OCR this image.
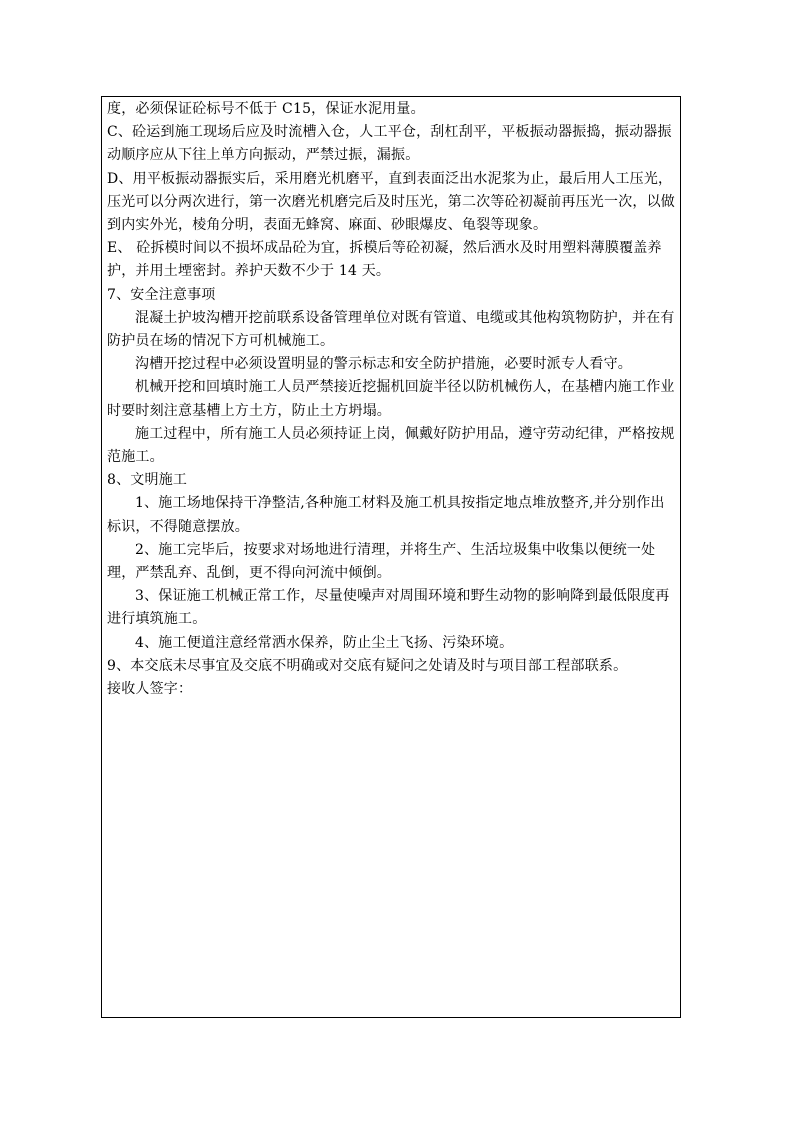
度，必须保证砼标号不低于 C15，保证水泥用量。

C、砼运到施工现场后应及时流槽入仓，人工平仓，刮杠刮平，平板振动器振捣，振动器振动顺序应从下往上单方向振动，严禁过振，漏振。

D、用平板振动器振实后，采用磨光机磨平，直到表面泛出水泥浆为止，最后用人工压光，压光可以分两次进行，第一次磨光机磨完后及时压光，第二次等砼初凝前再压光一次，以做到内实外光，棱角分明，表面无蜂窝、麻面、砂眼爆皮、龟裂等现象。

E、 砼拆模时间以不损坏成品砼为宜，拆模后等砼初凝，然后洒水及时用塑料薄膜覆盖养护，并用土堙密封。养护天数不少于 14 天。

7、安全注意事项

混凝土护坡沟槽开挖前联系设备管理单位对既有管道、电缆或其他构筑物防护，并在有防护员在场的情况下方可机械施工。

沟槽开挖过程中必须设置明显的警示标志和安全防护措施，必要时派专人看守。

机械开挖和回填时施工人员严禁接近挖掘机回旋半径以防机械伤人，在基槽内施工作业时要时刻注意基槽上方土方，防止土方坍塌。

施工过程中，所有施工人员必须持证上岗，佩戴好防护用品，遵守劳动纪律，严格按规范施工。

8、文明施工

1、施工场地保持干净整洁,各种施工材料及施工机具按指定地点堆放整齐,并分别作出标识，不得随意摆放。

2、施工完毕后，按要求对场地进行清理，并将生产、生活垃圾集中收集以便统一处理，严禁乱弃、乱倒，更不得向河流中倾倒。

3、保证施工机械正常工作，尽量使噪声对周围环境和野生动物的影响降到最低限度再进行填筑施工。

4、施工便道注意经常洒水保养，防止尘土飞扬、污染环境。

9、本交底未尽事宜及交底不明确或对交底有疑问之处请及时与项目部工程部联系。

接收人签字：
